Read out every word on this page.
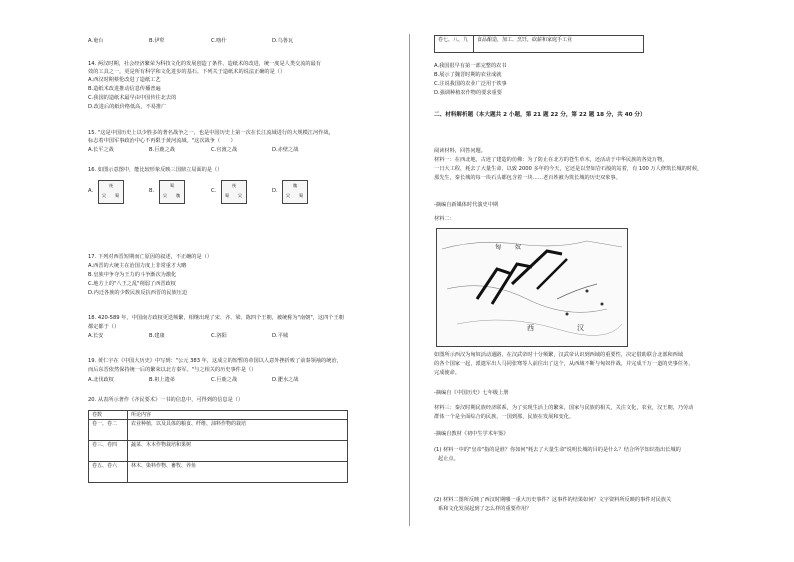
A.奄台	B.伊犁	C.喀什	D.乌鲁瓦
14. 两汉时期，社会经济繁荣为科技文化的发展创造了条件。造纸术的改进，统一度是人类交流的最有
效的工具之一，更是所有科学和文化进步的基石。下列关于造纸术的说法正确的是（）
A.西汉时期蔡伦改进了造纸工艺
B.造纸术改进推动信息传播普遍
C.我国的造纸术最早由中国传往北去的
D.改进后的纸价格低高，不易推广
15. "这是中国历史上以少胜多的著名战争之一，也是中国历史上第一次在长江流域进行的大规模江河作战，
标志着中国军事政治中心不再限于黄河流域。"这次战争（　　）
A.长平之战	B.巨鹿之战	C.官渡之战	D.赤壁之战
16. 如图示意图中，能比较形象反映三国鼎立局面的是（）
A.
统
吴 蜀
B.
蜀
吴 魏
C.
统
蜀 吴
D.
魏
吴 蜀
17. 下列对西晋短期而亡原因的叙述，不正确的是（）
A.西晋的大统主在治国力度上非常重才大略
B.皇族中争夺为王力的斗争渐次为激化
C.地方上的"八王之乱"削弱了西晋政权
D.内迁各族的少数民族反抗西晋的民族压迫
18. 420-589 年，中国南方政权更迭频繁，相继出现了宋、齐、梁、陈四个王朝，被统称为"南朝"，这四个王朝
都定都于（）
A.长安	B.建康	C.洛阳	D.平城
19. 黄仁宇在《中国大历史》中写到："公元 383 年，这成立的短暂的帝国以人意外挫折败了前秦领袖的统治，
而后东晋依然保持统一后的繁荣以北方秦军。"与之相关的历史事件是（）
A.北伐政权	B.祖上遗弟	C.巨鹿之战	D.淝水之战
20. 从表所示著作《齐民要术》一书的信息中，可得到的信息是（）
卷数	所论内容
卷一、卷二	农业种植，以及具体的粮食、纤维、油料作物的栽培
卷三、卷四	蔬菜、木本作物栽培和果树
卷五、卷六	林木、染料作物、畜牧、养鱼
卷七、八、九	食品酿造，加工、烹饪，砍薪和家庭手工业
A.我国很早有第一部完整的农书
B.展示了魏晋时期的农业成就
C.注说我国的农业广泛用于铁事
D.强调种植农作物的要求重要
二、材料解析题（本大题共 2 小题，第 21 题 22 分，第 22 题 18 分，共 40 分）
阅读材料，回答问题。
材料一：在西北地，古迹了建造的仿佛：为了防止在北方的苍生草木，还活动于中华民族的各处万物，
一日大工程，耗去了大量生命，以致 2000 多年的今天，它还是以坚如岩石般的站着，有 100 万人修筑长城的时候，
那先生，秦长城的每一块石头都包含着一块……老百姓被为筑长城的历史双象事。
-摘编自新媒体时代演史中期
材料二：
匈 奴
西	汉
如图所示西汉为匈奴活动通路，在汉武帝时十分频繁，汉武帝认识到西域的重要性，决定借助联合北部和西域
的各个国家一起，派遣军出人马同张骞等人前往出了这个，从西域不断与匈奴作战，并完成千万一道的史事任务，
完成使命。
-摘编自《中国历史》七年级上册
材料三：秦汉时期民族经济联系，为了实现生活上的繁荣，国家与民族的相关，关注文化，农业，汉王朝，乃劳动
群体一个是全面综合的民族，一国到那，民族在发展和变化。
-摘编自教材《初中生学术年鉴》
(1) 材料一中的"皇帝"指的是谁？你如何"耗去了大量生命"说明长城的目的是什么？结合所学知识指出长城的
起止点。
(2) 材料二图所反映了西汉时期哪一重大历史事件？这事件的结果如何？文字资料所反映的事件对民族关
系和文化发展起到了怎么样的重要作用？
